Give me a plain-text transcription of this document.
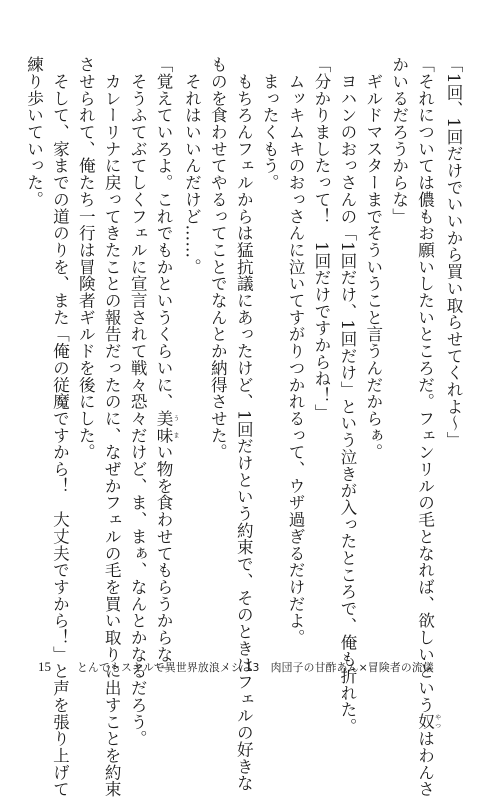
「1回、1回だけでいいから買い取らせてくれよ〜」
「それについては儂もお願いしたいところだ。フェンリルの毛となれば、欲しいという奴 やつはわんさ
かいるだろうからな」
　ギルドマスターまでそういうこと言うんだからぁ。
　ヨハンのおっさんの「1回だけ、1回だけ」という泣きが入ったところで、俺も折れた。
「分かりましたって！　1回だけですからね！」
　ムッキムキのおっさんに泣いてすがりつかれるって、ウザ過ぎるだけだよ。
　まったくもう。
　もちろんフェルからは猛抗議にあったけど、1回だけという約束で、そのときはフェルの好きな
ものを食わせてやるってことでなんとか納得させた。
　それはいいんだけど……。
「覚えていろよ。これでもかというくらいに、美味 うまい物を食わせてもらうからな」
　そうふてぶてしくフェルに宣言されて戦々恐々だけど、ま、まぁ、なんとかなるだろう。
　カレーリナに戻ってきたことの報告だったのに、なぜかフェルの毛を買い取りに出すことを約束
させられて、俺たち一行は冒険者ギルドを後にした。
　そして、家までの道のりを、また「俺の従魔ですから！　大丈夫ですから！」と声を張り上げて
練り歩いていった。
15 とんでもスキルで異世界放浪メシ 13　肉団子の甘酢あん×冒険者の流儀
